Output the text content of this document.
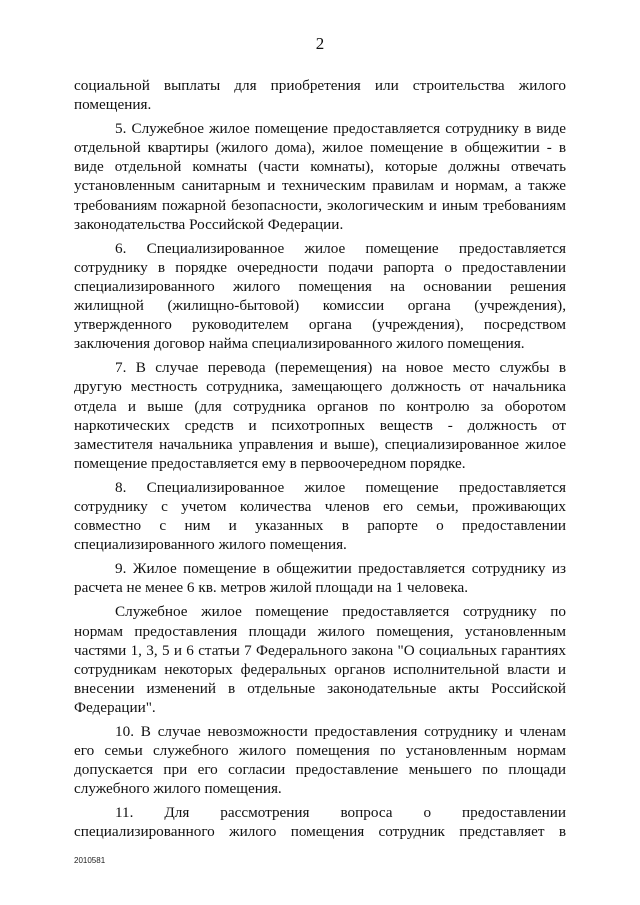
2

социальной выплаты для приобретения или строительства жилого помещения.

5. Служебное жилое помещение предоставляется сотруднику в виде отдельной квартиры (жилого дома), жилое помещение в общежитии - в виде отдельной комнаты (части комнаты), которые должны отвечать установленным санитарным и техническим правилам и нормам, а также требованиям пожарной безопасности, экологическим и иным требованиям законодательства Российской Федерации.

6. Специализированное жилое помещение предоставляется сотруднику в порядке очередности подачи рапорта о предоставлении специализированного жилого помещения на основании решения жилищной (жилищно-бытовой) комиссии органа (учреждения), утвержденного руководителем органа (учреждения), посредством заключения договор найма специализированного жилого помещения.

7. В случае перевода (перемещения) на новое место службы в другую местность сотрудника, замещающего должность от начальника отдела и выше (для сотрудника органов по контролю за оборотом наркотических средств и психотропных веществ - должность от заместителя начальника управления и выше), специализированное жилое помещение предоставляется ему в первоочередном порядке.

8. Специализированное жилое помещение предоставляется сотруднику с учетом количества членов его семьи, проживающих совместно с ним и указанных в рапорте о предоставлении специализированного жилого помещения.

9. Жилое помещение в общежитии предоставляется сотруднику из расчета не менее 6 кв. метров жилой площади на 1 человека.

Служебное жилое помещение предоставляется сотруднику по нормам предоставления площади жилого помещения, установленным частями 1, 3, 5 и 6 статьи 7 Федерального закона "О социальных гарантиях сотрудникам некоторых федеральных органов исполнительной власти и внесении изменений в отдельные законодательные акты Российской Федерации".

10. В случае невозможности предоставления сотруднику и членам его семьи служебного жилого помещения по установленным нормам допускается при его согласии предоставление меньшего по площади служебного жилого помещения.

11. Для рассмотрения вопроса о предоставлении специализированного жилого помещения сотрудник представляет в

2010581
